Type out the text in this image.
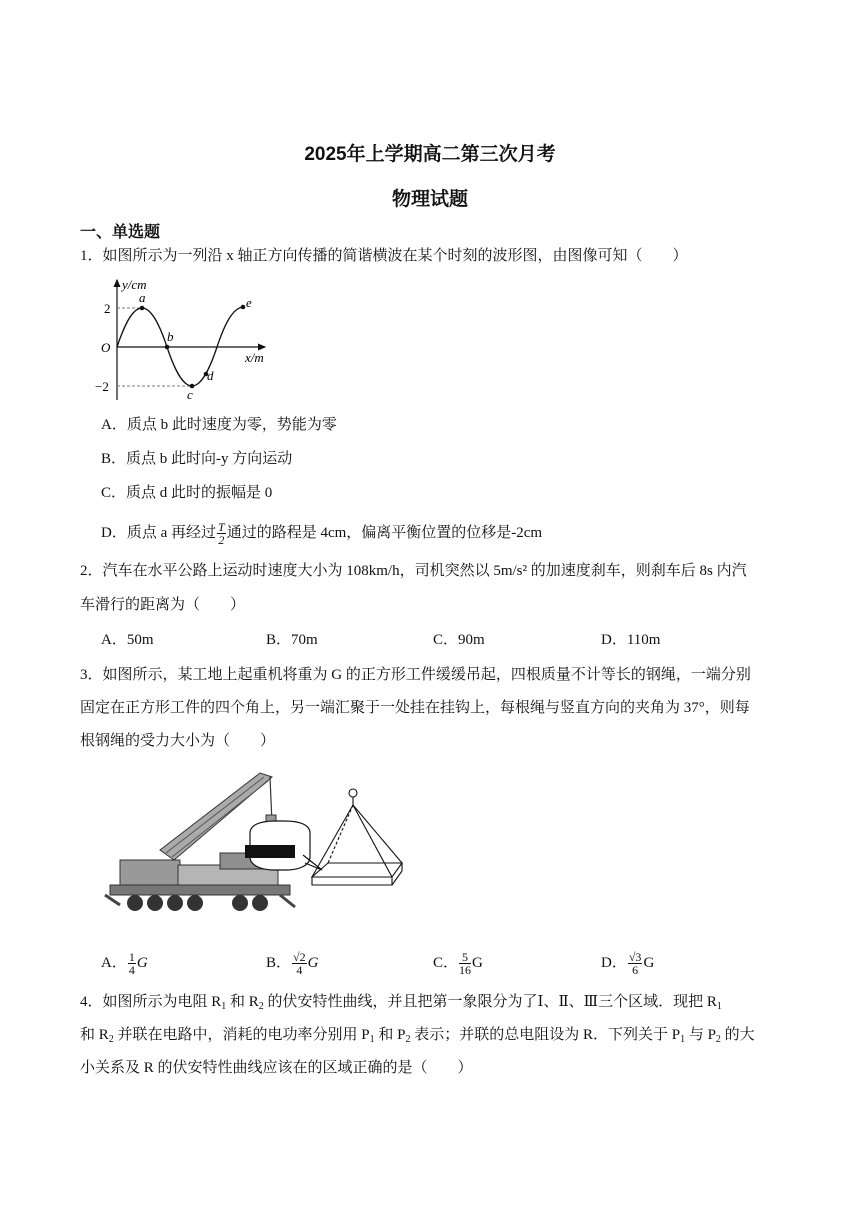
2025年上学期高二第三次月考
物理试题
一、单选题
1．如图所示为一列沿 x 轴正方向传播的简谐横波在某个时刻的波形图，由图像可知（　　）
y/cm
x/m
O
2
−2
a
b
c
d
e
A．质点 b 此时速度为零，势能为零
B．质点 b 此时向-y 方向运动
C．质点 d 此时的振幅是 0
D．质点 a 再经过 $\frac{T}{2}$ 通过的路程是 4cm，偏离平衡位置的位移是-2cm
2．汽车在水平公路上运动时速度大小为 108km/h，司机突然以 5m/s² 的加速度刹车，则刹车后 8s 内汽
车滑行的距离为（　　）
A．50m	B．70m	C．90m	D．110m
3．如图所示，某工地上起重机将重为 G 的正方形工件缓缓吊起，四根质量不计等长的钢绳，一端分别
固定在正方形工件的四个角上，另一端汇聚于一处挂在挂钩上，每根绳与竖直方向的夹角为 37°，则每
根钢绳的受力大小为（　　）
A． $\frac{1}{4}$ G	B． $\frac{√2}{4}$ G	C． $\frac{5}{16}$ G	D． $\frac{√3}{6}$ G
4．如图所示为电阻 $R_1$ 和 $R_2$ 的伏安特性曲线，并且把第一象限分为了Ⅰ、Ⅱ、Ⅲ三个区域．现把 $R_1$
和 $R_2$ 并联在电路中，消耗的电功率分别用 $P_1$ 和 $P_2$ 表示；并联的总电阻设为 R．下列关于 $P_1$ 与 $P_2$ 的大
小关系及 R 的伏安特性曲线应该在的区域正确的是（　　）
